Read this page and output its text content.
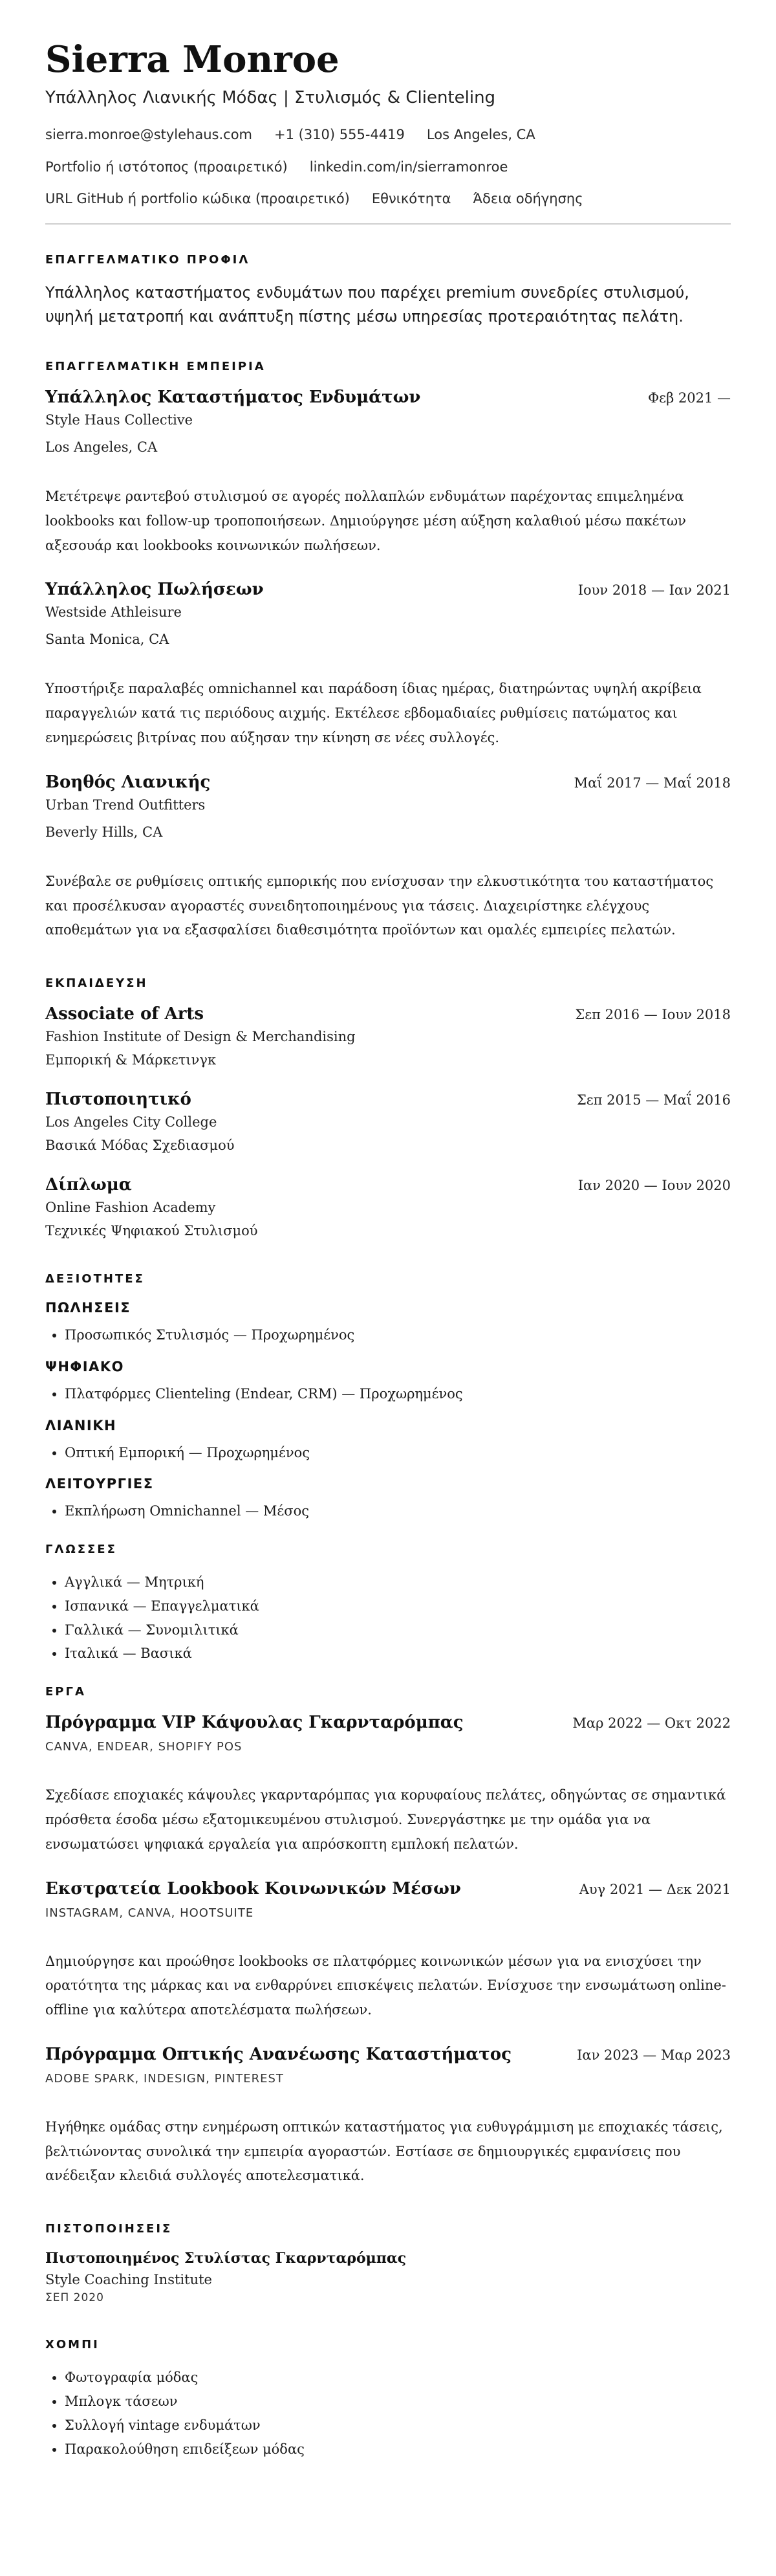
Sierra Monroe
Υπάλληλος Λιανικής Μόδας | Στυλισμός & Clienteling
sierra.monroe@stylehaus.com +1 (310) 555-4419 Los Angeles, CA
Portfolio ή ιστότοπος (προαιρετικό) linkedin.com/in/sierramonroe
URL GitHub ή portfolio κώδικα (προαιρετικό) Εθνικότητα Άδεια οδήγησης
ΕΠΑΓΓΕΛΜΑΤΙΚΟ ΠΡΟΦΙΛ
Υπάλληλος καταστήματος ενδυμάτων που παρέχει premium συνεδρίες στυλισμού, υψηλή μετατροπή και ανάπτυξη πίστης μέσω υπηρεσίας προτεραιότητας πελάτη.
ΕΠΑΓΓΕΛΜΑΤΙΚΗ ΕΜΠΕΙΡΙΑ
Υπάλληλος Καταστήματος Ενδυμάτων	Φεβ 2021 —
Style Haus Collective
Los Angeles, CA
Μετέτρεψε ραντεβού στυλισμού σε αγορές πολλαπλών ενδυμάτων παρέχοντας επιμελημένα lookbooks και follow-up τροποποιήσεων. Δημιούργησε μέση αύξηση καλαθιού μέσω πακέτων αξεσουάρ και lookbooks κοινωνικών πωλήσεων.
Υπάλληλος Πωλήσεων	Ιουν 2018 — Ιαν 2021
Westside Athleisure
Santa Monica, CA
Υποστήριξε παραλαβές omnichannel και παράδοση ίδιας ημέρας, διατηρώντας υψηλή ακρίβεια παραγγελιών κατά τις περιόδους αιχμής. Εκτέλεσε εβδομαδιαίες ρυθμίσεις πατώματος και ενημερώσεις βιτρίνας που αύξησαν την κίνηση σε νέες συλλογές.
Βοηθός Λιανικής	Μαΐ 2017 — Μαΐ 2018
Urban Trend Outfitters
Beverly Hills, CA
Συνέβαλε σε ρυθμίσεις οπτικής εμπορικής που ενίσχυσαν την ελκυστικότητα του καταστήματος και προσέλκυσαν αγοραστές συνειδητοποιημένους για τάσεις. Διαχειρίστηκε ελέγχους αποθεμάτων για να εξασφαλίσει διαθεσιμότητα προϊόντων και ομαλές εμπειρίες πελατών.
ΕΚΠΑΙΔΕΥΣΗ
Associate of Arts	Σεπ 2016 — Ιουν 2018
Fashion Institute of Design & Merchandising
Εμπορική & Μάρκετινγκ
Πιστοποιητικό	Σεπ 2015 — Μαΐ 2016
Los Angeles City College
Βασικά Μόδας Σχεδιασμού
Δίπλωμα	Ιαν 2020 — Ιουν 2020
Online Fashion Academy
Τεχνικές Ψηφιακού Στυλισμού
ΔΕΞΙΟΤΗΤΕΣ
ΠΩΛΗΣΕΙΣ
• Προσωπικός Στυλισμός — Προχωρημένος
ΨΗΦΙΑΚΟ
• Πλατφόρμες Clienteling (Endear, CRM) — Προχωρημένος
ΛΙΑΝΙΚΗ
• Οπτική Εμπορική — Προχωρημένος
ΛΕΙΤΟΥΡΓΙΕΣ
• Εκπλήρωση Omnichannel — Μέσος
ΓΛΩΣΣΕΣ
• Αγγλικά — Μητρική
• Ισπανικά — Επαγγελματικά
• Γαλλικά — Συνομιλιτικά
• Ιταλικά — Βασικά
ΕΡΓΑ
Πρόγραμμα VIP Κάψουλας Γκαρνταρόμπας	Μαρ 2022 — Οκτ 2022
CANVA, ENDEAR, SHOPIFY POS
Σχεδίασε εποχιακές κάψουλες γκαρνταρόμπας για κορυφαίους πελάτες, οδηγώντας σε σημαντικά πρόσθετα έσοδα μέσω εξατομικευμένου στυλισμού. Συνεργάστηκε με την ομάδα για να ενσωματώσει ψηφιακά εργαλεία για απρόσκοπτη εμπλοκή πελατών.
Εκστρατεία Lookbook Κοινωνικών Μέσων	Αυγ 2021 — Δεκ 2021
INSTAGRAM, CANVA, HOOTSUITE
Δημιούργησε και προώθησε lookbooks σε πλατφόρμες κοινωνικών μέσων για να ενισχύσει την ορατότητα της μάρκας και να ενθαρρύνει επισκέψεις πελατών. Ενίσχυσε την ενσωμάτωση online-offline για καλύτερα αποτελέσματα πωλήσεων.
Πρόγραμμα Οπτικής Ανανέωσης Καταστήματος	Ιαν 2023 — Μαρ 2023
ADOBE SPARK, INDESIGN, PINTEREST
Ηγήθηκε ομάδας στην ενημέρωση οπτικών καταστήματος για ευθυγράμμιση με εποχιακές τάσεις, βελτιώνοντας συνολικά την εμπειρία αγοραστών. Εστίασε σε δημιουργικές εμφανίσεις που ανέδειξαν κλειδιά συλλογές αποτελεσματικά.
ΠΙΣΤΟΠΟΙΗΣΕΙΣ
Πιστοποιημένος Στυλίστας Γκαρνταρόμπας
Style Coaching Institute
ΣΕΠ 2020
ΧΟΜΠΙ
• Φωτογραφία μόδας
• Μπλογκ τάσεων
• Συλλογή vintage ενδυμάτων
• Παρακολούθηση επιδείξεων μόδας
